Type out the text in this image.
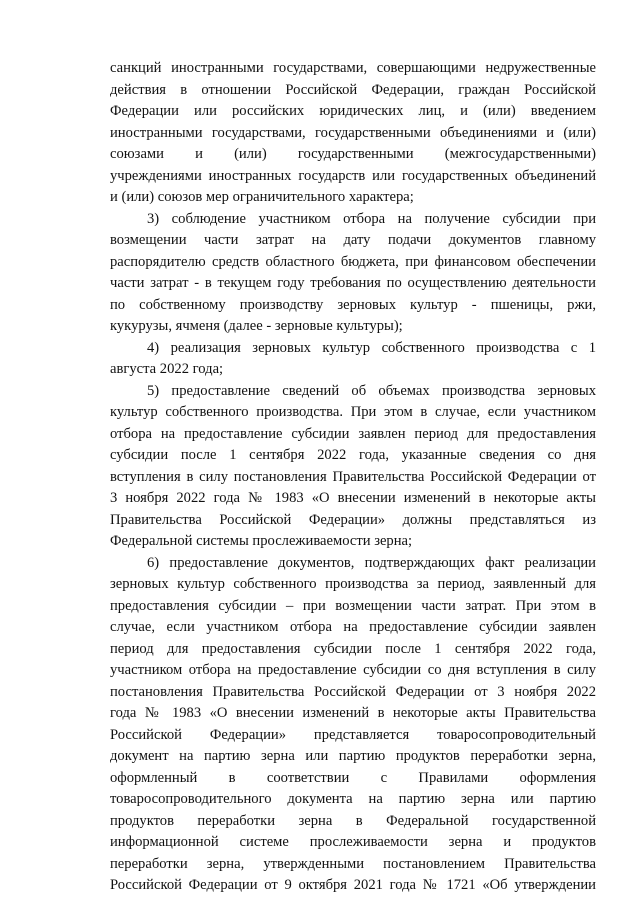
санкций иностранными государствами, совершающими недружественные
действия в отношении Российской Федерации, граждан Российской
Федерации или российских юридических лиц, и (или) введением
иностранными государствами, государственными объединениями и (или)
союзами и (или) государственными (межгосударственными)
учреждениями иностранных государств или государственных объединений
и (или) союзов мер ограничительного характера;
3) соблюдение участником отбора на получение субсидии при
возмещении части затрат на дату подачи документов главному
распорядителю средств областного бюджета, при финансовом обеспечении
части затрат - в текущем году требования по осуществлению деятельности
по собственному производству зерновых культур - пшеницы, ржи,
кукурузы, ячменя (далее - зерновые культуры);
4) реализация зерновых культур собственного производства с 1
августа 2022 года;
5) предоставление сведений об объемах производства зерновых
культур собственного производства. При этом в случае, если участником
отбора на предоставление субсидии заявлен период для предоставления
субсидии после 1 сентября 2022 года, указанные сведения со дня
вступления в силу постановления Правительства Российской Федерации от
3 ноября 2022 года № 1983 «О внесении изменений в некоторые акты
Правительства Российской Федерации» должны представляться из
Федеральной системы прослеживаемости зерна;
6) предоставление документов, подтверждающих факт реализации
зерновых культур собственного производства за период, заявленный для
предоставления субсидии – при возмещении части затрат. При этом в
случае, если участником отбора на предоставление субсидии заявлен
период для предоставления субсидии после 1 сентября 2022 года,
участником отбора на предоставление субсидии со дня вступления в силу
постановления Правительства Российской Федерации от 3 ноября 2022
года № 1983 «О внесении изменений в некоторые акты Правительства
Российской Федерации» представляется товаросопроводительный
документ на партию зерна или партию продуктов переработки зерна,
оформленный в соответствии с Правилами оформления
товаросопроводительного документа на партию зерна или партию
продуктов переработки зерна в Федеральной государственной
информационной системе прослеживаемости зерна и продуктов
переработки зерна, утвержденными постановлением Правительства
Российской Федерации от 9 октября 2021 года № 1721 «Об утверждении
